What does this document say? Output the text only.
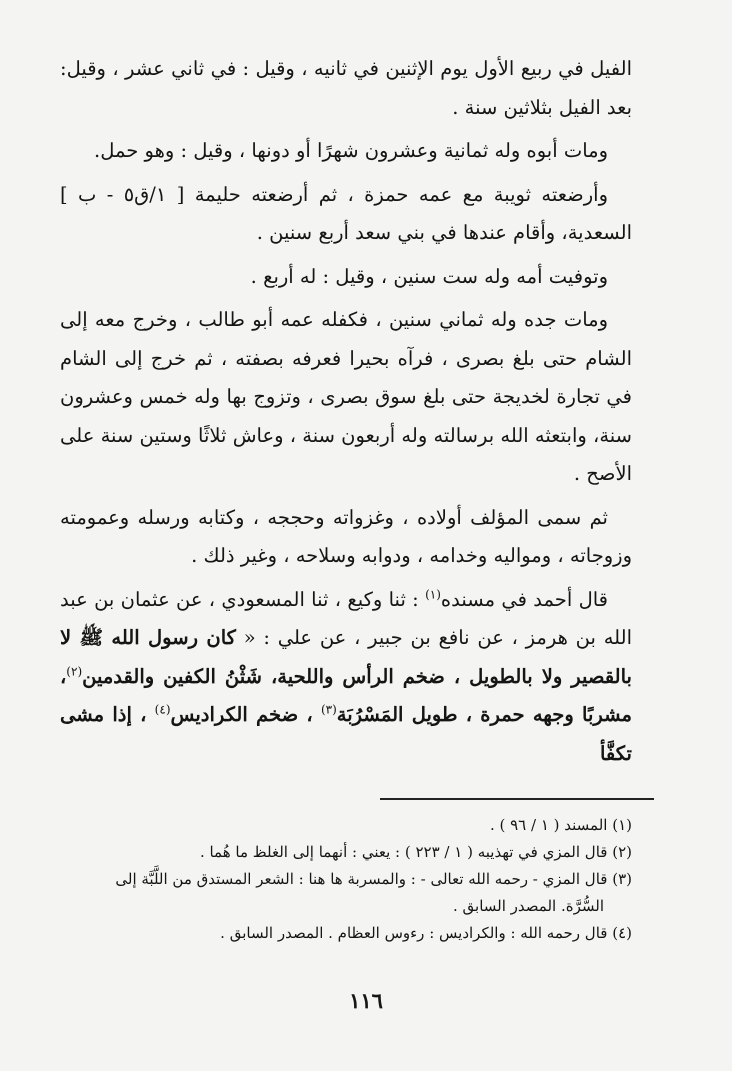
الفيل في ربيع الأول يوم الإثنين في ثانيه ، وقيل : في ثاني عشر ، وقيل: بعد الفيل بثلاثين سنة .

ومات أبوه وله ثمانية وعشرون شهرًا أو دونها ، وقيل : وهو حمل.

وأرضعته ثويبة مع عمه حمزة ، ثم أرضعته حليمة [ ١/ق٥ - ب ] السعدية، وأقام عندها في بني سعد أربع سنين .

وتوفيت أمه وله ست سنين ، وقيل : له أربع .

ومات جده وله ثماني سنين ، فكفله عمه أبو طالب ، وخرج معه إلى الشام حتى بلغ بصرى ، فرآه بحيرا فعرفه بصفته ، ثم خرج إلى الشام في تجارة لخديجة حتى بلغ سوق بصرى ، وتزوج بها وله خمس وعشرون سنة، وابتعثه الله برسالته وله أربعون سنة ، وعاش ثلاثًا وستين سنة على الأصح .

ثم سمى المؤلف أولاده ، وغزواته وحججه ، وكتابه ورسله وعمومته وزوجاته ، ومواليه وخدامه ، ودوابه وسلاحه ، وغير ذلك .

قال أحمد في مسنده$^{(١)}$ : ثنا وكيع ، ثنا المسعودي ، عن عثمان بن عبد الله بن هرمز ، عن نافع بن جبير ، عن علي : « كان رسول الله ﷺ لا بالقصير ولا بالطويل ، ضخم الرأس واللحية، شَثْنُ الكفين والقدمين$^{(٢)}$، مشربًا وجهه حمرة ، طويل المَسْرُبَة$^{(٣)}$ ، ضخم الكراديس$^{(٤)}$ ، إذا مشى تكفَّأ

(١) المسند ( ١ / ٩٦ ) .

(٢) قال المزي في تهذيبه ( ١ / ٢٢٣ ) : يعني : أنهما إلى الغلظ ما هُما .

(٣) قال المزي - رحمه الله تعالى - : والمسربة ها هنا : الشعر المستدق من اللَّبَّة إلى

السُّرَّة. المصدر السابق .

(٤) قال رحمه الله : والكراديس : رءوس العظام . المصدر السابق .

١١٦
